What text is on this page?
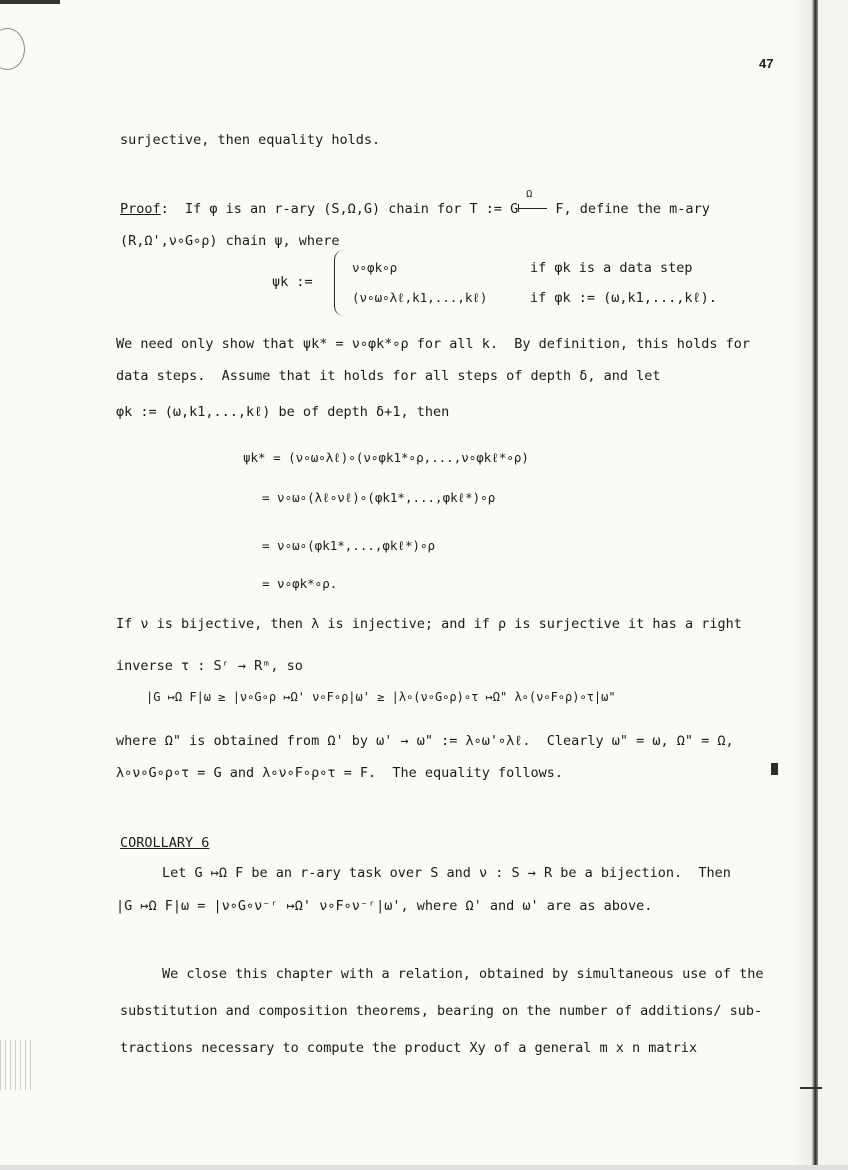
47
surjective, then equality holds.
Proof:  If φ is an r-ary (S,Ω,G) chain for T := G
Ω
F, define the m-ary
(R,Ω',ν∘G∘ρ) chain ψ, where
ψk :=
ν∘φk∘ρ	if φk is a data step
(ν∘ω∘λℓ,k1,...,kℓ)	if φk := (ω,k1,...,kℓ).
We need only show that ψk* = ν∘φk*∘ρ for all k.  By definition, this holds for
data steps.  Assume that it holds for all steps of depth δ, and let
φk := (ω,k1,...,kℓ) be of depth δ+1, then
ψk* = (ν∘ω∘λℓ)∘(ν∘φk1*∘ρ,...,ν∘φkℓ*∘ρ)
= ν∘ω∘(λℓ∘νℓ)∘(φk1*,...,φkℓ*)∘ρ
= ν∘ω∘(φk1*,...,φkℓ*)∘ρ
= ν∘φk*∘ρ.
If ν is bijective, then λ is injective; and if ρ is surjective it has a right
inverse τ : Sʳ → Rᵐ, so
|G ↦Ω F|ω ≥ |ν∘G∘ρ ↦Ω' ν∘F∘ρ|ω' ≥ |λ∘(ν∘G∘ρ)∘τ ↦Ω" λ∘(ν∘F∘ρ)∘τ|ω"
where Ω" is obtained from Ω' by ω' → ω" := λ∘ω'∘λℓ.  Clearly ω" = ω, Ω" = Ω,
λ∘ν∘G∘ρ∘τ = G and λ∘ν∘F∘ρ∘τ = F.  The equality follows.
COROLLARY 6
Let G ↦Ω F be an r-ary task over S and ν : S → R be a bijection.  Then
|G ↦Ω F|ω = |ν∘G∘ν⁻ʳ ↦Ω' ν∘F∘ν⁻ʳ|ω', where Ω' and ω' are as above.
We close this chapter with a relation, obtained by simultaneous use of the
substitution and composition theorems, bearing on the number of additions/ sub-
tractions necessary to compute the product Xy of a general m x n matrix
